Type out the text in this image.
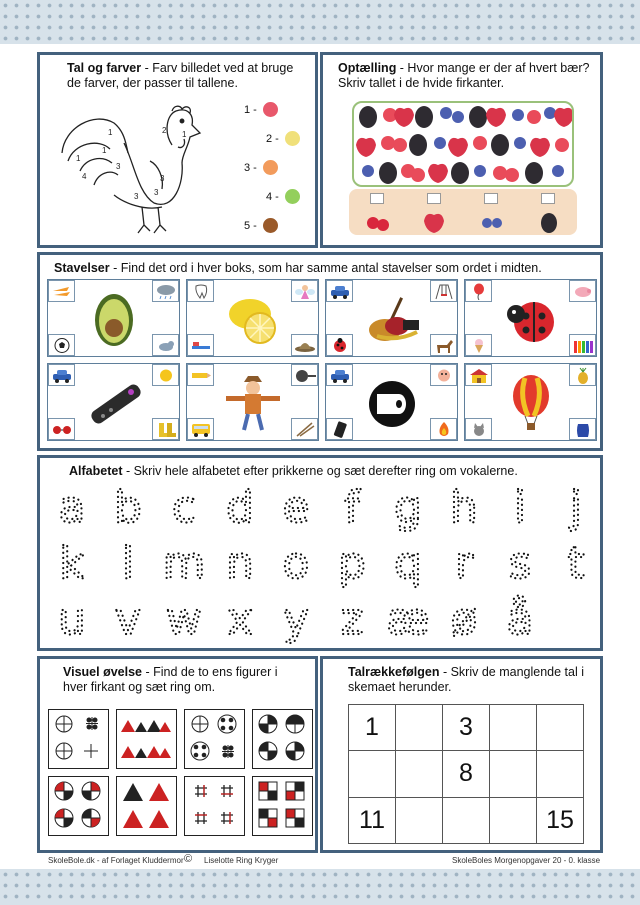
Tal og farver - Farv billedet ved at bruge de farver, der passer til tallene.
1	1
2
1
3
4	3
1
3
3
1 -
2 -
3 -
4 -
5 -
Optælling - Hvor mange er der af hvert bær? Skriv tallet i de hvide firkanter.
Stavelser - Find det ord i hver boks, som har samme antal stavelser som ordet i midten.
Alfabetet - Skriv hele alfabetet efter prikkerne og sæt derefter ring om vokalerne.
a b c d e f g h i j
k l m n o p q r s t
u v w x y z æ ø å
Visuel øvelse - Find de to ens figurer i hver firkant og sæt ring om.
Talrækkefølgen - Skriv de manglende tal i skemaet herunder.
1		3		
		8		
11				15
SkoleBole.dk - af Forlaget Kluddermor © Liselotte Ring Kryger	SkoleBoles Morgenopgaver 20 - 0. klasse
